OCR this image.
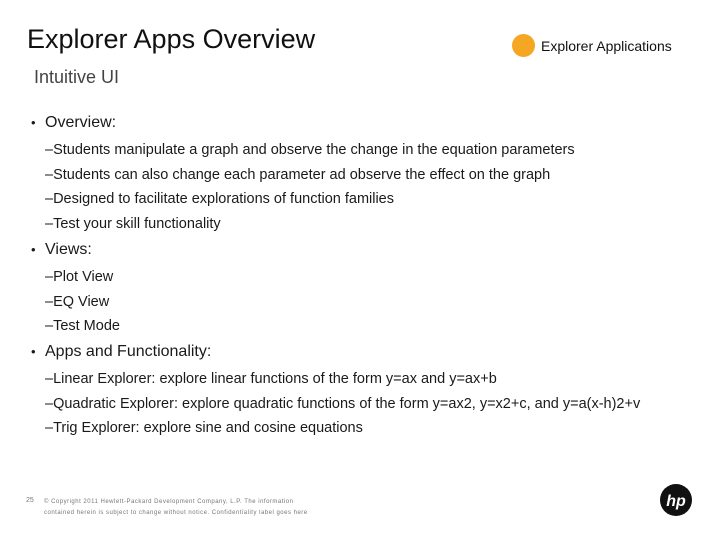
Explorer Apps Overview	Explorer Applications
Intuitive UI
• Overview:
–Students manipulate a graph and observe the change in the equation parameters
–Students can also change each parameter ad observe the effect on the graph
–Designed to facilitate explorations of function families
–Test your skill functionality
• Views:
–Plot View
–EQ View
–Test Mode
• Apps and Functionality:
–Linear Explorer: explore linear functions of the form y=ax and y=ax+b
–Quadratic Explorer: explore quadratic functions of the form y=ax2, y=x2+c, and y=a(x-h)2+v
–Trig Explorer: explore sine and cosine equations
25 © Copyright 2011 Hewlett-Packard Development Company, L.P. The information
contained herein is subject to change without notice. Confidentiality label goes here
hp
